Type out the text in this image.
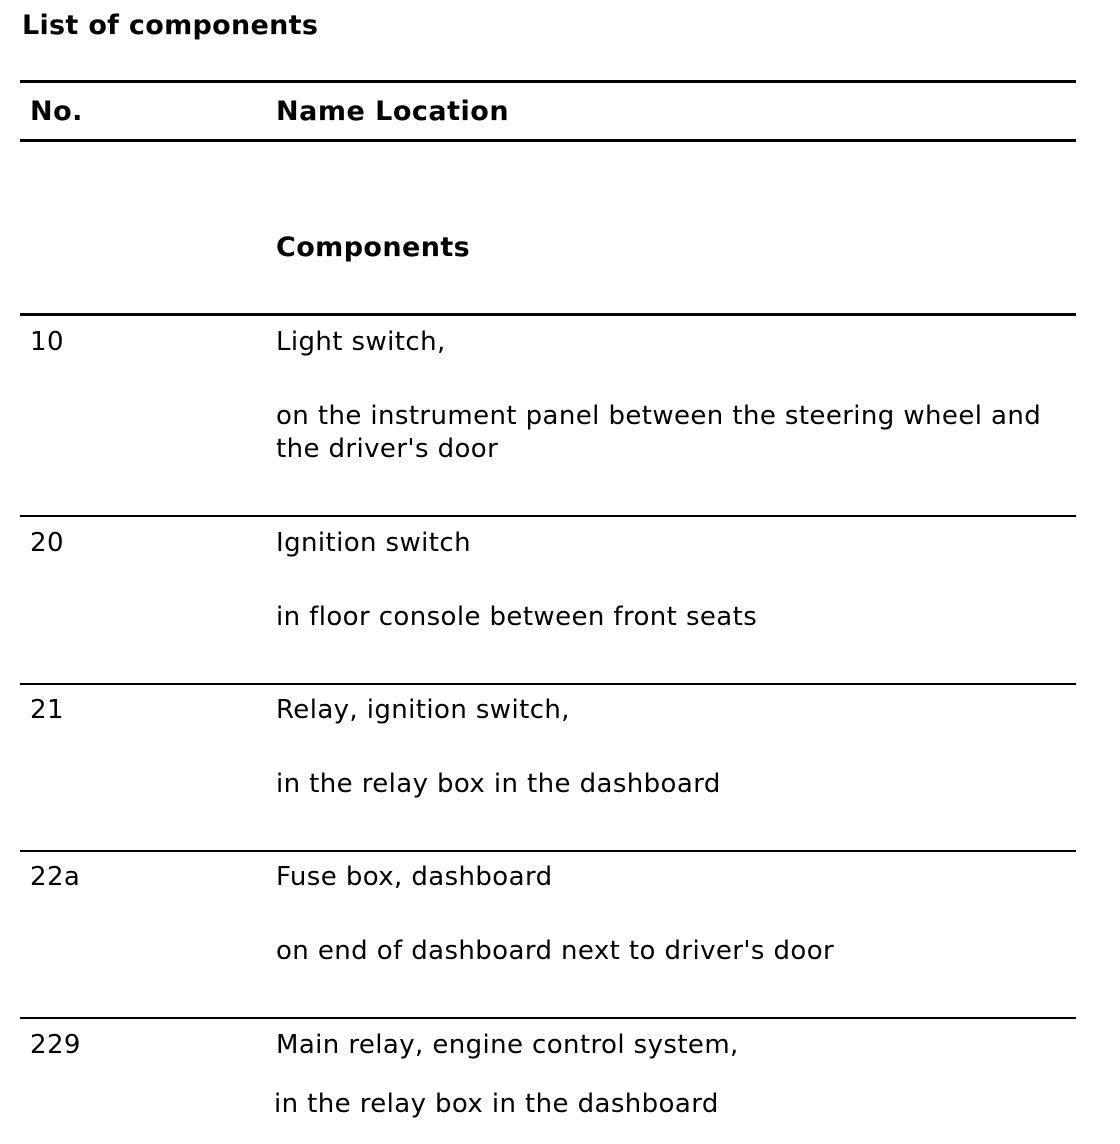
List of components
No.	Name Location
Components
10	Light switch,
on the instrument panel between the steering wheel and the driver's door
20	Ignition switch
in floor console between front seats
21	Relay, ignition switch,
in the relay box in the dashboard
22a	Fuse box, dashboard
on end of dashboard next to driver's door
229	Main relay, engine control system,
in the relay box in the dashboard
